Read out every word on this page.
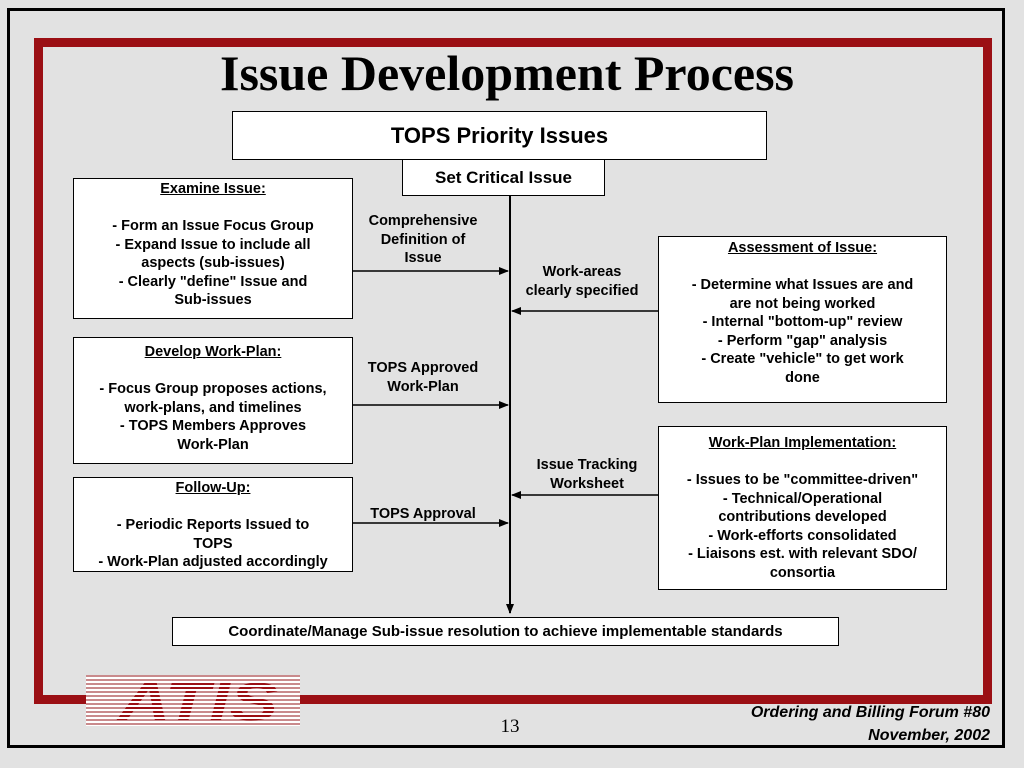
Issue Development Process
TOPS Priority Issues
Set Critical Issue
Examine Issue:
- Form an Issue Focus Group
- Expand Issue to include all
aspects (sub-issues)
- Clearly "define" Issue and
Sub-issues
Develop Work-Plan:
- Focus Group proposes actions,
work-plans, and timelines
- TOPS Members Approves
Work-Plan
Follow-Up:
- Periodic Reports Issued to
TOPS
- Work-Plan adjusted accordingly
Assessment of Issue:
- Determine what Issues are and
are not being worked
- Internal "bottom-up" review
- Perform "gap" analysis
- Create "vehicle" to get work
done
Work-Plan Implementation:
- Issues to be "committee-driven"
- Technical/Operational
contributions developed
- Work-efforts consolidated
- Liaisons est. with relevant SDO/
consortia
Comprehensive
Definition of
Issue
Work-areas
clearly specified
TOPS Approved
Work-Plan
Issue Tracking
Worksheet
TOPS Approval
Coordinate/Manage Sub-issue resolution to achieve implementable standards
ATIS	13
Ordering and Billing Forum #80
November, 2002
